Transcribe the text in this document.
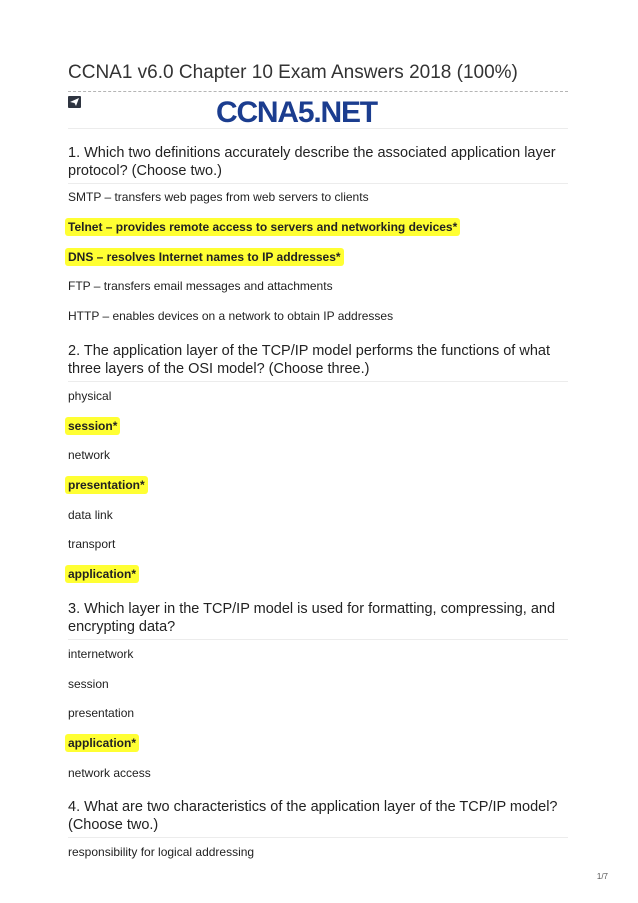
CCNA1 v6.0 Chapter 10 Exam Answers 2018 (100%)
CCNA5.NET
1. Which two definitions accurately describe the associated application layer protocol? (Choose two.)
SMTP – transfers web pages from web servers to clients
Telnet – provides remote access to servers and networking devices*
DNS – resolves Internet names to IP addresses*
FTP – transfers email messages and attachments
HTTP – enables devices on a network to obtain IP addresses
2. The application layer of the TCP/IP model performs the functions of what three layers of the OSI model? (Choose three.)
physical
session*
network
presentation*
data link
transport
application*
3. Which layer in the TCP/IP model is used for formatting, compressing, and encrypting data?
internetwork
session
presentation
application*
network access
4. What are two characteristics of the application layer of the TCP/IP model? (Choose two.)
responsibility for logical addressing
1/7
